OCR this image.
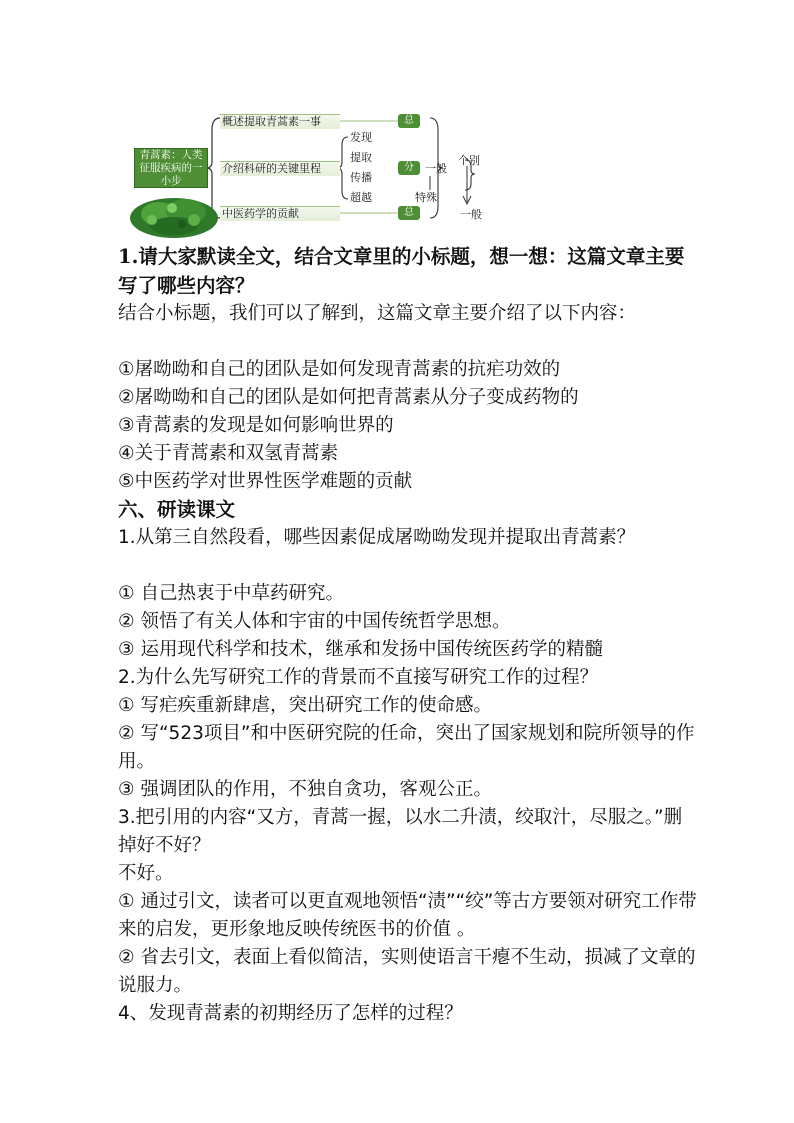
青蒿素：人类征服疾病的一小步
概述提取青蒿素一事
介绍科研的关键里程
中医药学的贡献
发现
提取
传播
超越
总
分
总
一般
特殊
个别
一般
1.请大家默读全文，结合文章里的小标题，想一想：这篇文章主要写了哪些内容？
结合小标题，我们可以了解到，这篇文章主要介绍了以下内容：
①屠呦呦和自己的团队是如何发现青蒿素的抗疟功效的
②屠呦呦和自己的团队是如何把青蒿素从分子变成药物的
③青蒿素的发现是如何影响世界的
④关于青蒿素和双氢青蒿素
⑤中医药学对世界性医学难题的贡献
六、研读课文
1.从第三自然段看，哪些因素促成屠呦呦发现并提取出青蒿素？
① 自己热衷于中草药研究。
② 领悟了有关人体和宇宙的中国传统哲学思想。
③ 运用现代科学和技术，继承和发扬中国传统医药学的精髓
2.为什么先写研究工作的背景而不直接写研究工作的过程？
① 写疟疾重新肆虐，突出研究工作的使命感。
② 写“523项目”和中医研究院的任命，突出了国家规划和院所领导的作用。
③ 强调团队的作用，不独自贪功，客观公正。
3.把引用的内容“又方，青蒿一握，以水二升渍，绞取汁，尽服之。”删掉好不好？
不好。
① 通过引文，读者可以更直观地领悟“渍”“绞”等古方要领对研究工作带来的启发，更形象地反映传统医书的价值 。
② 省去引文，表面上看似简洁，实则使语言干瘪不生动，损减了文章的说服力。
4、发现青蒿素的初期经历了怎样的过程？
